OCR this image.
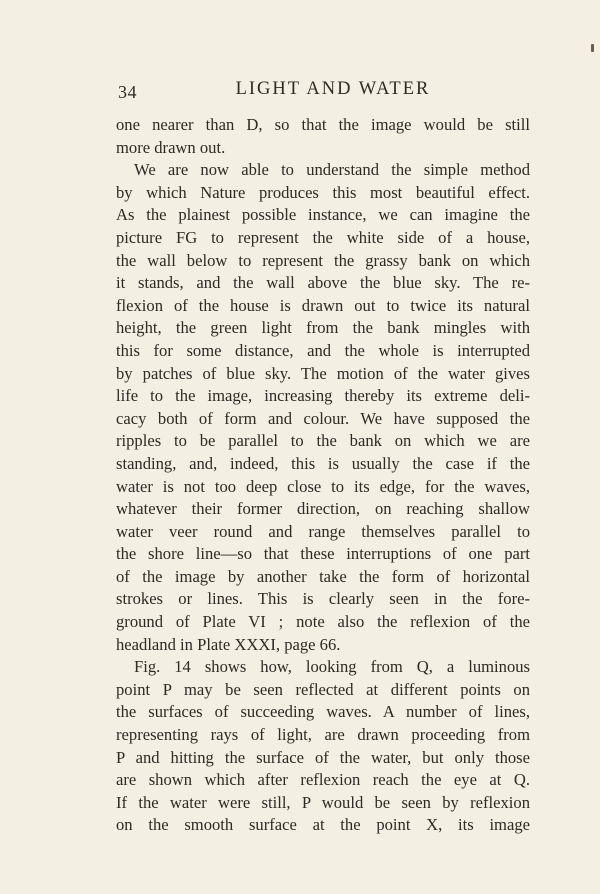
34	LIGHT AND WATER
one nearer than D, so that the image would be still
more drawn out.
We are now able to understand the simple method
by which Nature produces this most beautiful effect.
As the plainest possible instance, we can imagine the
picture FG to represent the white side of a house,
the wall below to represent the grassy bank on which
it stands, and the wall above the blue sky. The re-
flexion of the house is drawn out to twice its natural
height, the green light from the bank mingles with
this for some distance, and the whole is interrupted
by patches of blue sky. The motion of the water gives
life to the image, increasing thereby its extreme deli-
cacy both of form and colour. We have supposed the
ripples to be parallel to the bank on which we are
standing, and, indeed, this is usually the case if the
water is not too deep close to its edge, for the waves,
whatever their former direction, on reaching shallow
water veer round and range themselves parallel to
the shore line—so that these interruptions of one part
of the image by another take the form of horizontal
strokes or lines. This is clearly seen in the fore-
ground of Plate VI ; note also the reflexion of the
headland in Plate XXXI, page 66.
Fig. 14 shows how, looking from Q, a luminous
point P may be seen reflected at different points on
the surfaces of succeeding waves. A number of lines,
representing rays of light, are drawn proceeding from
P and hitting the surface of the water, but only those
are shown which after reflexion reach the eye at Q.
If the water were still, P would be seen by reflexion
on the smooth surface at the point X, its image
